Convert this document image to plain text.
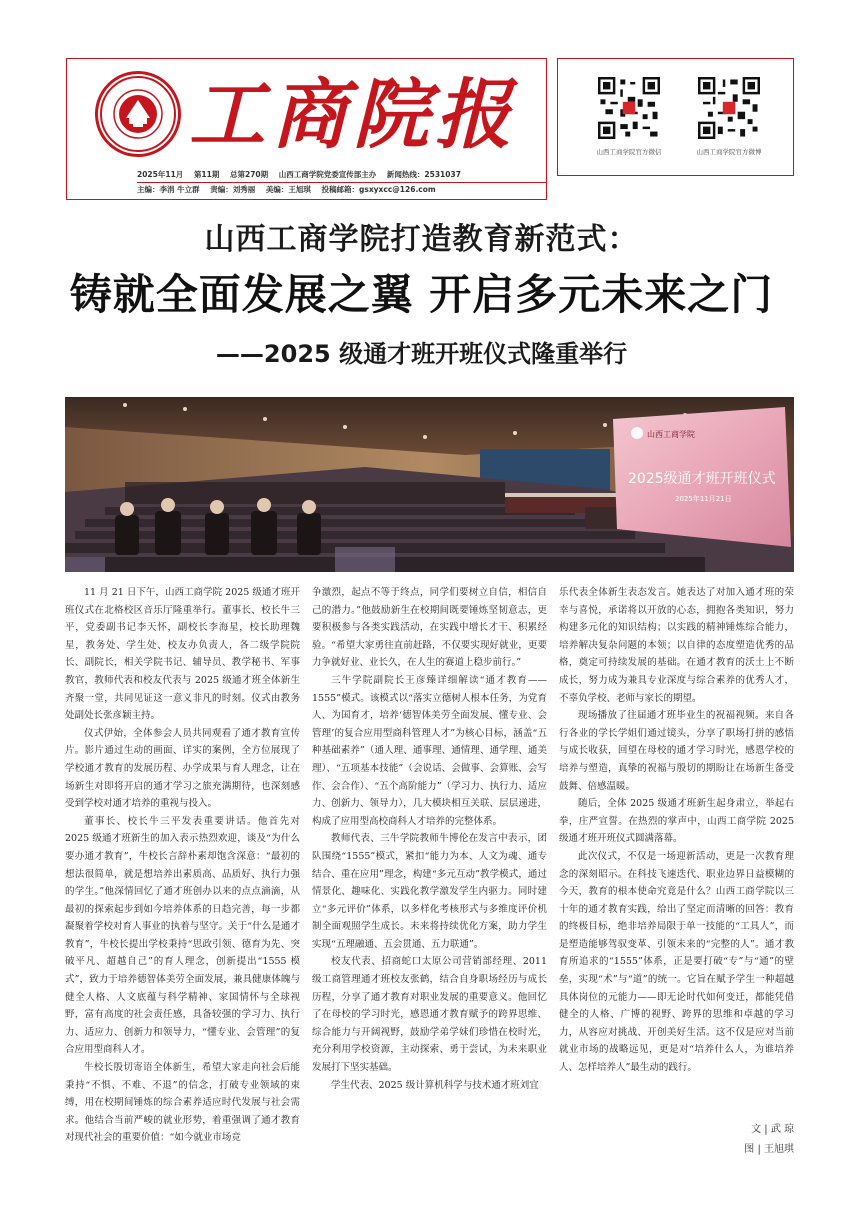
工商院报
2025年11月 第11期 总第270期 山西工商学院党委宣传部主办 新闻热线：2531037
主编：李涓 牛立群 责编：刘秀丽 美编：王旭琪 投稿邮箱：gsxyxcc@126.com
山西工商学院官方微信	山西工商学院官方微博
山西工商学院打造教育新范式：
铸就全面发展之翼 开启多元未来之门
——2025 级通才班开班仪式隆重举行
山西工商学院
2025级通才班开班仪式
2025年11月21日

11 月 21 日下午，山西工商学院 2025 级通才班开班仪式在北格校区音乐厅隆重举行。董事长、校长牛三平，党委副书记李天怀，副校长李海星，校长助理魏星，教务处、学生处、校友办负责人，各二级学院院长、副院长，相关学院书记、辅导员、教学秘书、军事教官，教师代表和校友代表与 2025 级通才班全体新生齐聚一堂，共同见证这一意义非凡的时刻。仪式由教务处副处长张彦颖主持。

仪式伊始，全体参会人员共同观看了通才教育宣传片。影片通过生动的画面、详实的案例，全方位展现了学校通才教育的发展历程、办学成果与育人理念，让在场新生对即将开启的通才学习之旅充满期待，也深刻感受到学校对通才培养的重视与投入。

董事长、校长牛三平发表重要讲话。他首先对 2025 级通才班新生的加入表示热烈欢迎，谈及“为什么要办通才教育”，牛校长言辞朴素却饱含深意：“最初的想法很简单，就是想培养出素质高、品质好、执行力强的学生。”他深情回忆了通才班创办以来的点点滴滴，从最初的探索起步到如今培养体系的日趋完善，每一步都凝聚着学校对育人事业的执着与坚守。关于“什么是通才教育”，牛校长提出学校秉持“思政引领、德育为先、突破平凡、超越自己”的育人理念，创新提出“1555 模式”，致力于培养德智体美劳全面发展，兼具健康体魄与健全人格、人文底蕴与科学精神、家国情怀与全球视野，富有高度的社会责任感，具备较强的学习力、执行力、适应力、创新力和领导力，“懂专业、会管理”的复合应用型商科人才。

牛校长殷切寄语全体新生，希望大家走向社会后能秉持“不惧、不难、不退”的信念，打破专业领域的束缚，用在校期间锤炼的综合素养适应时代发展与社会需求。他结合当前严峻的就业形势，着重强调了通才教育对现代社会的重要价值：“如今就业市场竞

争激烈，起点不等于终点，同学们要树立自信，相信自己的潜力。”他鼓励新生在校期间既要锤炼坚韧意志，更要积极参与各类实践活动，在实践中增长才干、积累经验。“希望大家勇往直前赶路，不仅要实现好就业，更要力争就好业、业长久，在人生的赛道上稳步前行。”

三牛学院副院长王彦臻详细解读“通才教育——1555”模式。该模式以“落实立德树人根本任务，为党育人、为国育才，培养‘德智体美劳全面发展、懂专业、会管理’的复合应用型商科管理人才”为核心目标，涵盖“五种基础素养”（通人理、通事理、通情理、通学理、通美理）、“五项基本技能”（会说话、会做事、会算账、会写作、会合作）、“五个高阶能力”（学习力、执行力、适应力、创新力、领导力），几大模块相互关联、层层递进，构成了应用型高校商科人才培养的完整体系。

教师代表、三牛学院教师牛博伦在发言中表示，团队围绕“1555”模式，紧扣“能力为本、人文为魂、通专结合、重在应用”理念，构建“多元互动”教学模式，通过情景化、趣味化、实践化教学激发学生内驱力。同时建立“多元评价”体系，以多样化考核形式与多维度评价机制全面观照学生成长。未来将持续优化方案，助力学生实现“五理融通、五会贯通、五力联通”。

校友代表、招商蛇口太原公司营销部经理、2011 级工商管理通才班校友张鹤，结合自身职场经历与成长历程，分享了通才教育对职业发展的重要意义。他回忆了在母校的学习时光，感恩通才教育赋予的跨界思维、综合能力与开阔视野，鼓励学弟学妹们珍惜在校时光，充分利用学校资源，主动探索、勇于尝试，为未来职业发展打下坚实基础。

学生代表、2025 级计算机科学与技术通才班刘宜

乐代表全体新生表态发言。她表达了对加入通才班的荣幸与喜悦，承诺将以开放的心态，拥抱各类知识，努力构建多元化的知识结构；以实践的精神锤炼综合能力，培养解决复杂问题的本领；以自律的态度塑造优秀的品格，奠定可持续发展的基础。在通才教育的沃土上不断成长，努力成为兼具专业深度与综合素养的优秀人才，不辜负学校、老师与家长的期望。

现场播放了往届通才班毕业生的祝福视频。来自各行各业的学长学姐们通过镜头，分享了职场打拼的感悟与成长收获，回望在母校的通才学习时光，感恩学校的培养与塑造，真挚的祝福与殷切的期盼让在场新生备受鼓舞、倍感温暖。

随后，全体 2025 级通才班新生起身肃立，举起右拳，庄严宣誓。在热烈的掌声中，山西工商学院 2025 级通才班开班仪式圆满落幕。

此次仪式，不仅是一场迎新活动，更是一次教育理念的深刻昭示。在科技飞速迭代、职业边界日益模糊的今天，教育的根本使命究竟是什么？山西工商学院以三十年的通才教育实践，给出了坚定而清晰的回答：教育的终极目标，绝非培养局限于单一技能的“工具人”，而是塑造能够驾驭变革、引领未来的“完整的人”。通才教育所追求的“1555”体系，正是要打破“专”与“通”的壁垒，实现“术”与“道”的统一。它旨在赋予学生一种超越具体岗位的元能力——即无论时代如何变迁，都能凭借健全的人格、广博的视野、跨界的思维和卓越的学习力，从容应对挑战、开创美好生活。这不仅是应对当前就业市场的战略远见，更是对“培养什么人，为谁培养人、怎样培养人”最生动的践行。

文 | 武 琼
图 | 王旭琪
